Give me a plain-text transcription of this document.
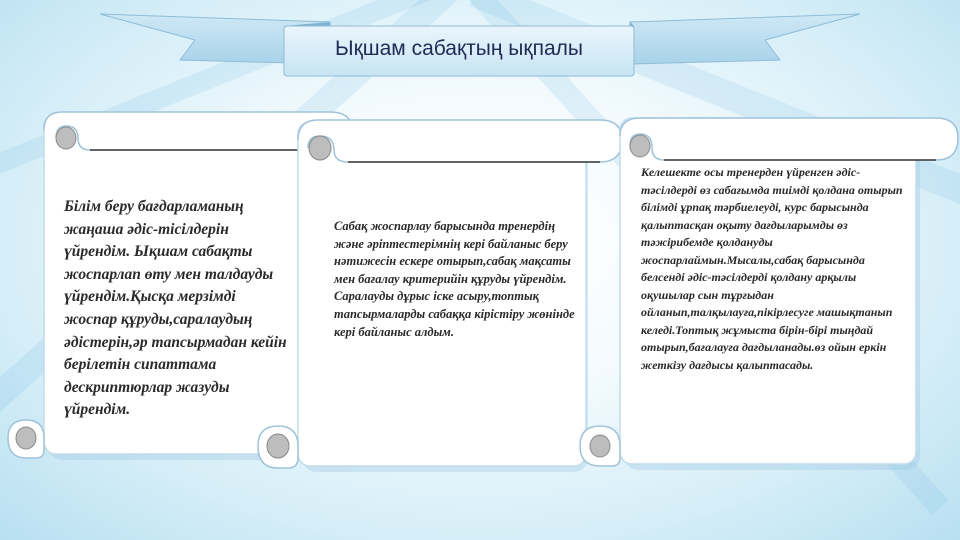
Ықшам сабақтың ықпалы
Білім беру бағдарламаның жаңаша әдіс-тісілдерін үйрендім. Ықшам сабақты жоспарлап өту мен талдауды үйрендім.Қысқа мерзімді жоспар құруды,саралаудың әдістерін,әр тапсырмадан кейін берілетін сипаттама дескриптюрлар жазуды үйрендім.
Сабақ жоспарлау барысында тренердің және әріптестерімнің кері байланыс беру нәтижесін ескере отырып,сабақ мақсаты мен бағалау критерийін құруды үйрендім. Саралауды дұрыс іске асыру,топтық тапсырмаларды сабаққа кірістіру жөнінде кері байланыс алдым.
Келешекте осы тренерден үйренген әдіс-тәсілдерді өз сабағымда тиімді қолдана отырып білімді ұрпақ тәрбиелеуді, курс барысында қалыптасқан оқыту дағдыларымды өз тәжірибемде қолдануды жоспарлаймын.Мысалы,сабақ барысында белсенді әдіс-тәсілдерді қолдану арқылы оқушылар сын тұрғыдан ойланып,талқылауға,пікірлесуге машықтанып келеді.Топтық жұмыста бірін-бірі тыңдай отырып,бағалауға дағдыланады.өз ойын еркін жеткізу дағдысы қалыптасады.
